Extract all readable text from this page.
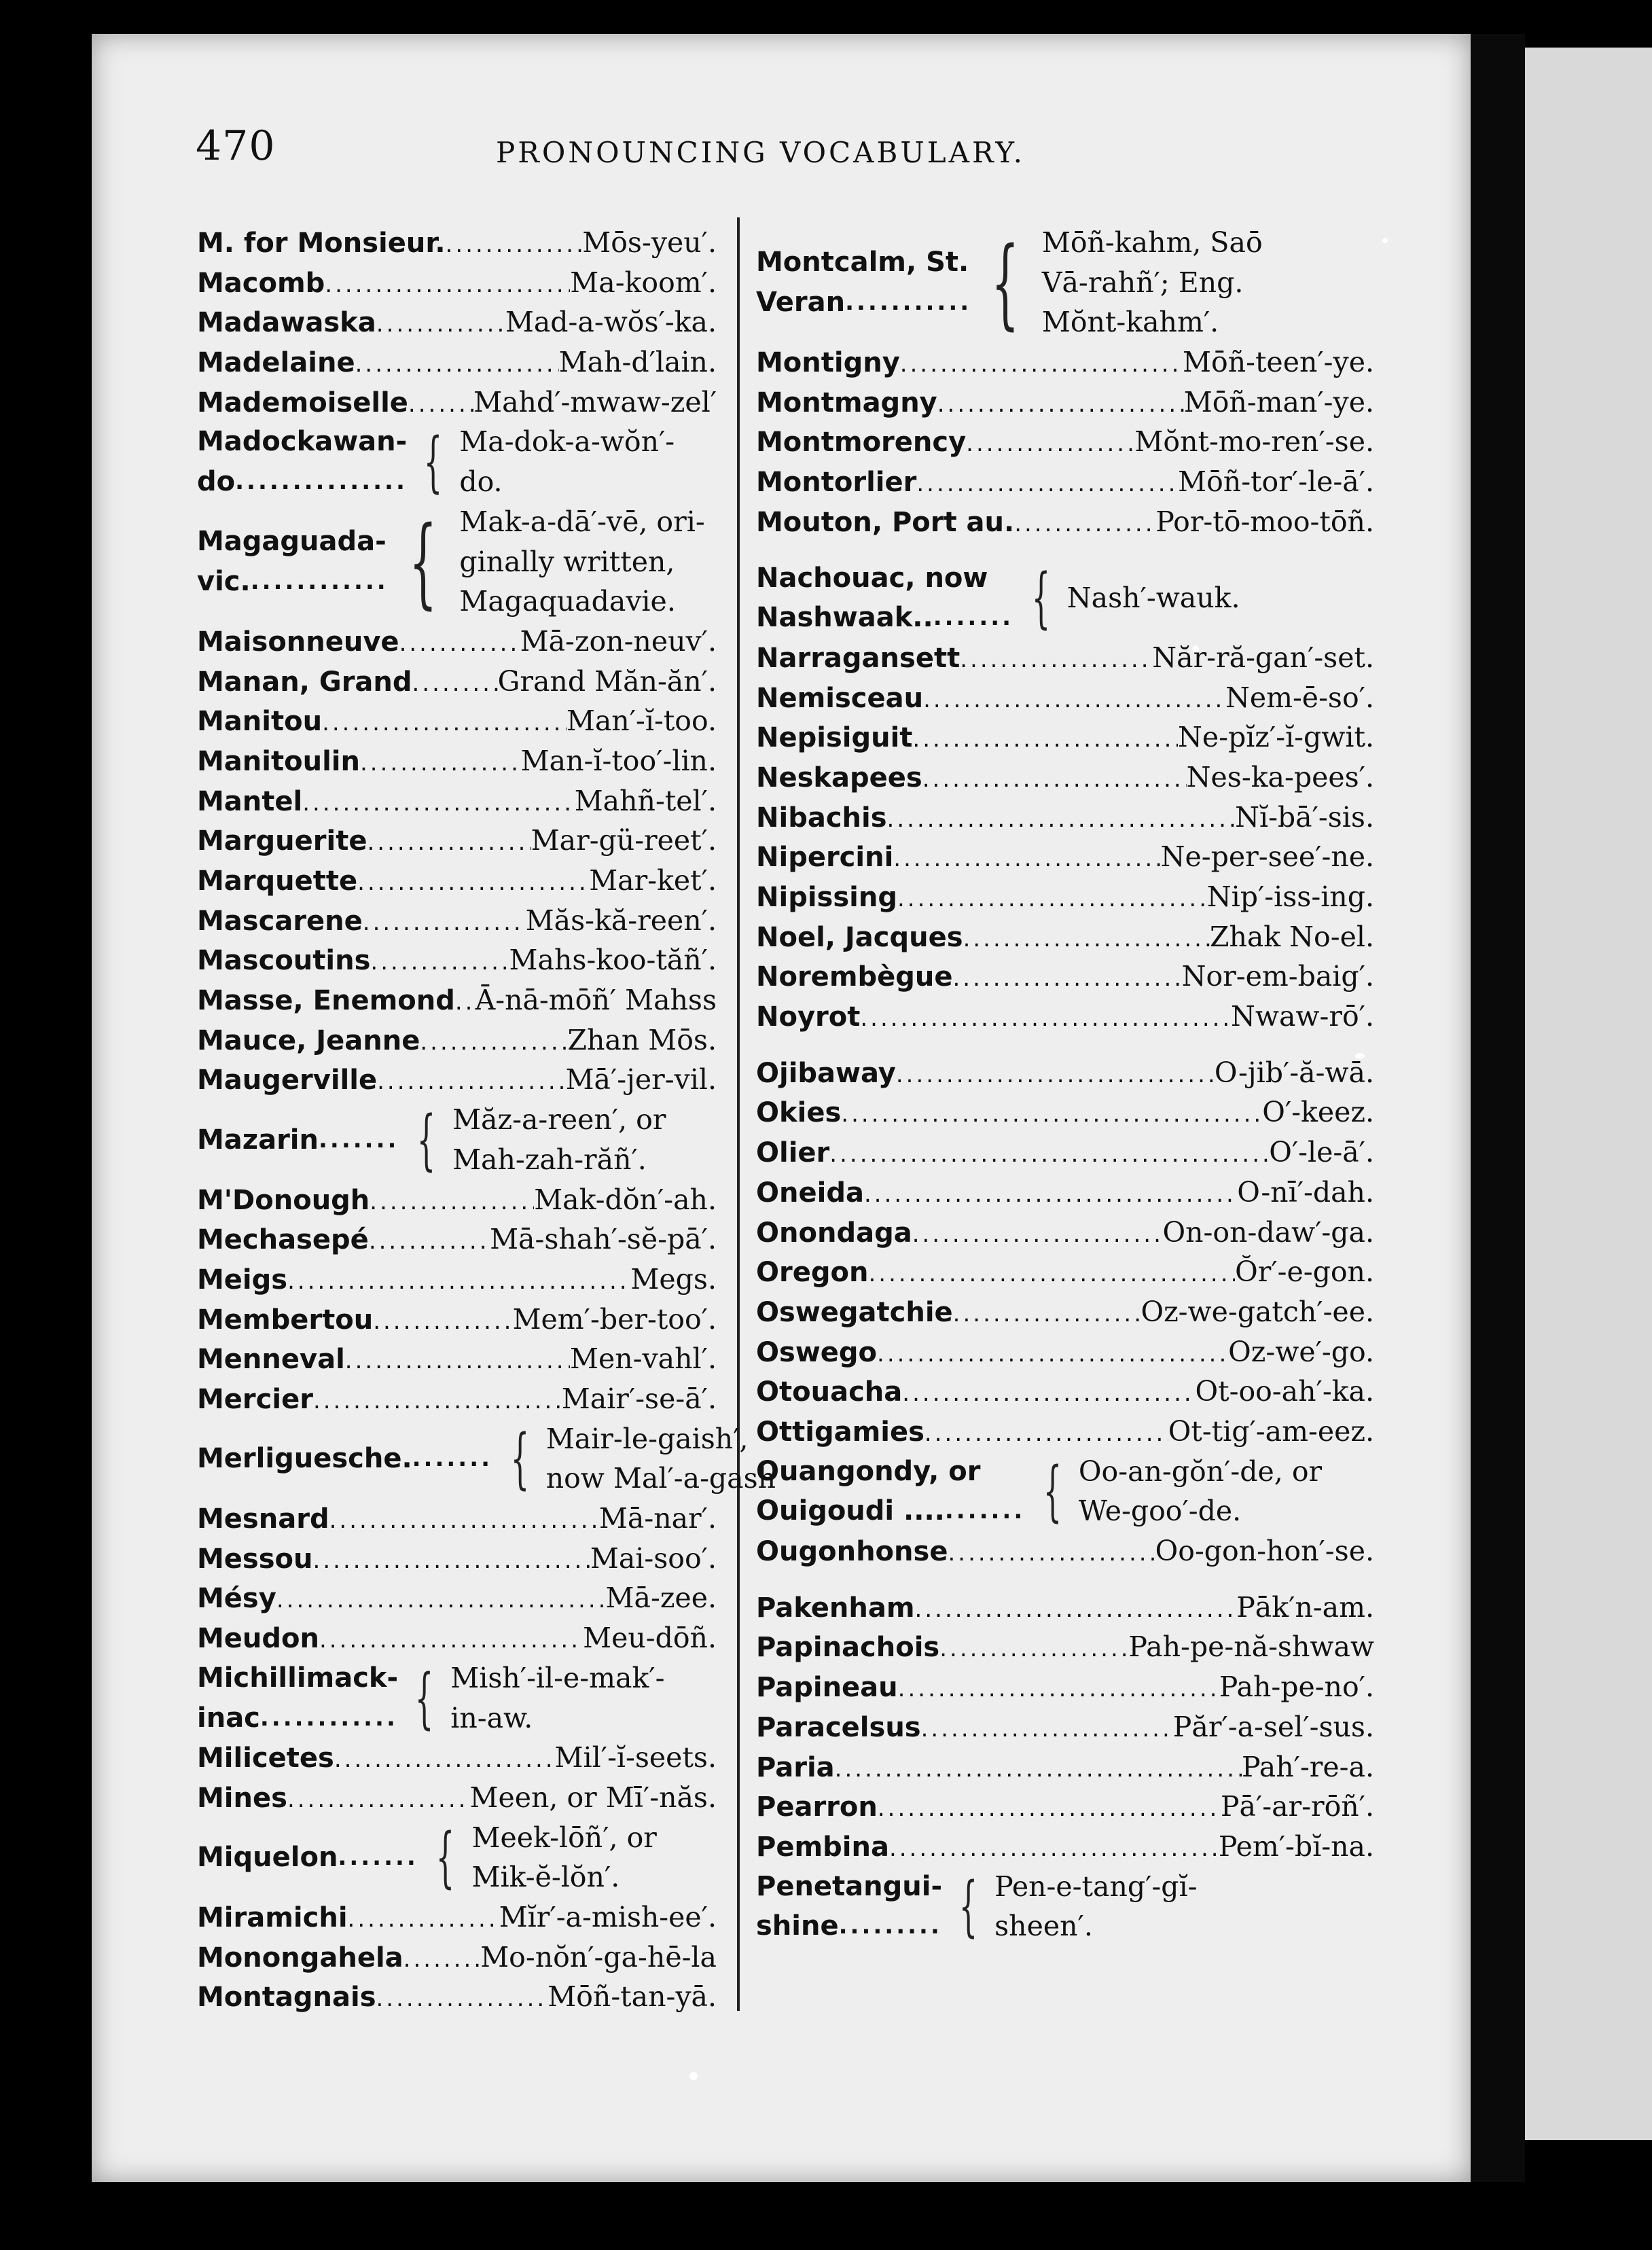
470	PRONOUNCING VOCABULARY.
M. for Monsieur. .....	Mōs-yeu′.
Macomb .....	Ma-koom′.
Madawaska .....	Mad-a-wŏs′-ka.
Madelaine .....	Mah-d′lain.
Mademoiselle ..... Mahd′-mwaw-zel′
Madockawan-
do .....	{ Ma-dok-a-wŏn′-
do.
Magaguada-
vic. ..... { Mak-a-dā′-vē, ori-
ginally written,
Magaquadavie.
Maisonneuve .....	Mā-zon-neuv′.
Manan, Grand .....	Grand Măn-ăn′.
Manitou .....	Man′-ĭ-too.
Manitoulin .....	Man-ĭ-too′-lin.
Mantel .....	Mahñ-tel′.
Marguerite .....	Mar-gü-reet′.
Marquette .....	Mar-ket′.
Mascarene .....	Măs-kă-reen′.
Mascoutins .....	Mahs-koo-tăñ′.
Masse, Enemond ..... Ā-nā-mōñ′ Mahss
Mauce, Jeanne .....	Zhan Mōs.
Maugerville .....	Mā′-jer-vil.
Mazarin ..... { Măz-a-reen′, or
Mah-zah-răñ′.
M'Donough .....	Mak-dŏn′-ah.
Mechasepé .....	Mā-shah′-sĕ-pā′.
Meigs .....	Megs.
Membertou .....	Mem′-ber-too′.
Menneval .....	Men-vahl′.
Mercier .....	Mair′-se-ā′.
Merliguesche. ..... { Mair-le-gaish′,
now Mal′-a-gash
Mesnard .....	Mā-nar′.
Messou .....	Mai-soo′.
Mésy .....	Mā-zee.
Meudon .....	Meu-dōñ.
Michillimack-
inac ..... { Mish′-il-e-mak′-
in-aw.
Milicetes .....	Mil′-ĭ-seets.
Mines .....	Meen, or Mī′-năs.
Miquelon ..... { Meek-lōñ′, or
Mik-ĕ-lŏn′.
Miramichi .....	Mĭr′-a-mish-ee′.
Monongahela .....	Mo-nŏn′-ga-hē-la
Montagnais .....	Mōñ-tan-yā.
Montcalm, St.
Veran ..... { Mōñ-kahm, Saō
Vā-rahñ′; Eng.
Mŏnt-kahm′.
Montigny .....	Mōñ-teen′-ye.
Montmagny .....	Mōñ-man′-ye.
Montmorency .....	Mŏnt-mo-ren′-se.
Montorlier .....	Mōñ-tor′-le-ā′.
Mouton, Port au. .....	Por-tō-moo-tōñ.
Nachouac, now
Nashwaak.. ..... { Nash′-wauk.
Narragansett .....	Năr-ră-gan′-set.
Nemisceau .....	Nem-ē-so′.
Nepisiguit .....	Ne-pĭz′-ĭ-gwit.
Neskapees .....	Nes-ka-pees′.
Nibachis .....	Nĭ-bā′-sis.
Nipercini .....	Ne-per-see′-ne.
Nipissing .....	Nip′-iss-ing.
Noel, Jacques .....	Zhak No-el.
Norembègue .....	Nor-em-baig′.
Noyrot .....	Nwaw-rō′.
Ojibaway .....	O-jib′-ă-wā.
Okies .....	O′-keez.
Olier .....	O′-le-ā′.
Oneida .....	O-nī′-dah.
Onondaga .....	On-on-daw′-ga.
Oregon .....	Ŏr′-e-gon.
Oswegatchie .....	Oz-we-gatch′-ee.
Oswego .....	Oz-we′-go.
Otouacha .....	Ot-oo-ah′-ka.
Ottigamies .....	Ot-tig′-am-eez.
Ouangondy, or
Ouigoudi .... ..... { Oo-an-gŏn′-de, or
We-goo′-de.
Ougonhonse .....	Oo-gon-hon′-se.
Pakenham .....	Pāk′n-am.
Papinachois .....	Pah-pe-nă-shwaw
Papineau .....	Pah-pe-no′.
Paracelsus .....	Păr′-a-sel′-sus.
Paria .....	Pah′-re-a.
Pearron .....	Pā′-ar-rōñ′.
Pembina .....	Pem′-bĭ-na.
Penetangui-
shine ..... { Pen-e-tang′-gĭ-
sheen′.
